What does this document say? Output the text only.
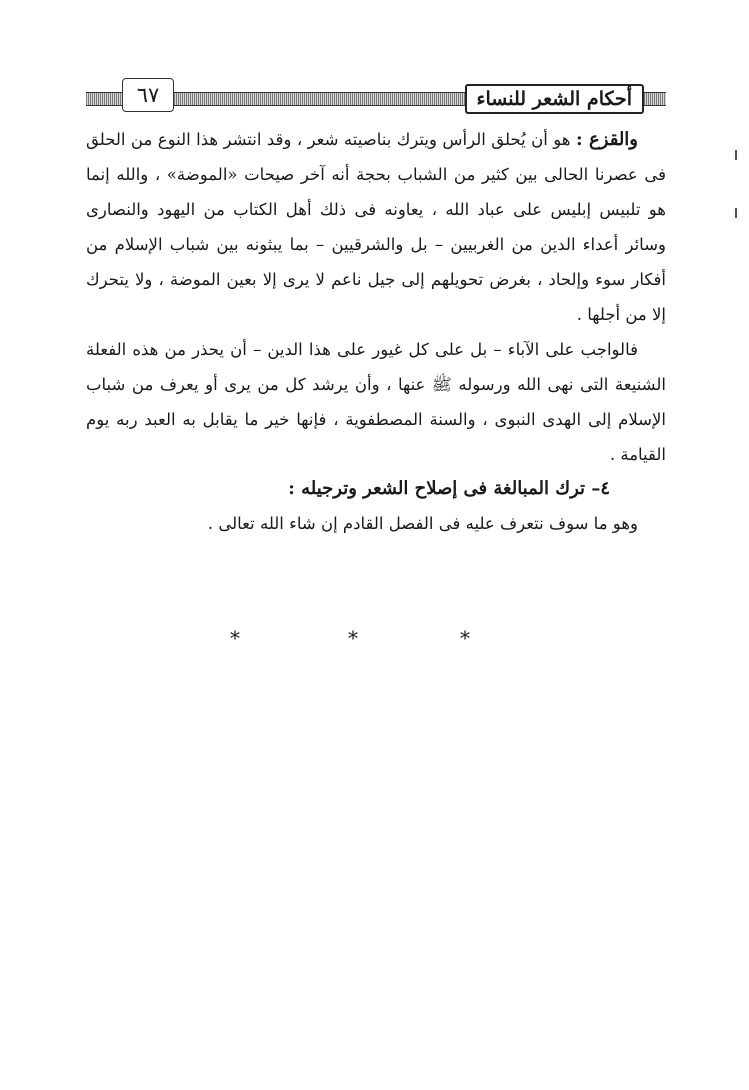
أحكام الشعر للنساء
٦٧

والقزع : هو أن يُحلق الرأس ويترك بناصيته شعر ، وقد انتشر هذا النوع من الحلق فى عصرنا الحالى بين كثير من الشباب بحجة أنه آخر صيحات «الموضة» ، والله إنما هو تلبيس إبليس على عباد الله ، يعاونه فى ذلك أهل الكتاب من اليهود والنصارى وسائر أعداء الدين من الغربيين – بل والشرقيين – بما يبثونه بين شباب الإسلام من أفكار سوء وإلحاد ، بغرض تحويلهم إلى جيل ناعم لا يرى إلا بعين الموضة ، ولا يتحرك إلا من أجلها .

فالواجب على الآباء – بل على كل غيور على هذا الدين – أن يحذر من هذه الفعلة الشنيعة التى نهى الله ورسوله ﷺ عنها ، وأن يرشد كل من يرى أو يعرف من شباب الإسلام إلى الهدى النبوى ، والسنة المصطفوية ، فإنها خير ما يقابل به العبد ربه يوم القيامة .

٤– ترك المبالغة فى إصلاح الشعر وترجيله :

وهو ما سوف نتعرف عليه فى الفصل القادم إن شاء الله تعالى .

*	*	*
